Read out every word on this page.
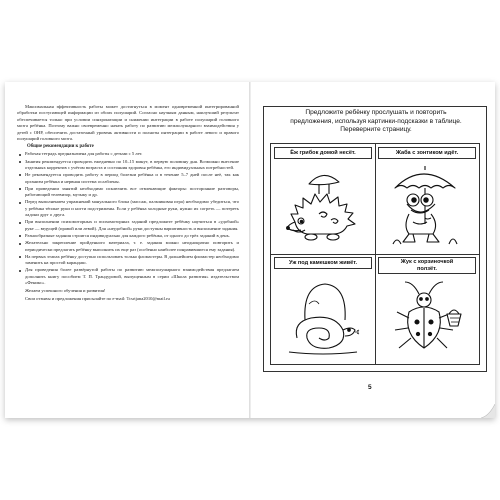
Максимальная эффективность работы может достигнуться в момент одновременной интегрированной обработки поступающей информации из обоих полушарий. Согласно научным данным, наилучший результат обеспечивается только при условии синхронизации и снижении интеграции в работе полушарий головного мозга ребёнка. Поэтому важно своевременно начать работу по развитию межполушарного взаимодействия у детей с ОНР, обеспечить достаточный уровень активности и полноты интеграции в работе левого и правого полушарий головного мозга.

Общие рекомендации к работе

Рабочая тетрадь предназначена для работы с детьми с 5 лет.
Занятия рекомендуется проводить ежедневно по 10–15 минут, в первую половину дня. Возможно внесение отдельных корректив с учётом возраста и состояния здоровья ребёнка, его индивидуальных потребностей.
Не рекомендуется проводить работу в период болезни ребёнка и в течение 5–7 дней после неё, так как организм ребёнка и нервная система ослаблены.
При проведении занятий необходимо исключить все отвлекающие факторы: посторонние разговоры, работающий телевизор, музыку и др.
Перед выполнением упражнений мануального блока (массаж, пальчиковая игра) необходимо убедиться, что у ребёнка тёплые руки и ногти подстрижены. Если у ребёнка холодные руки, нужно их согреть — потереть ладони друг о друга.
При выполнении психомоторных и психомоторных заданий предложите ребёнку научиться в «удобной» руке — ведущей (правой или левой). Для «неудобной» руки доступны вариативность и выполнение задания.
Разнообразные задания строятся индивидуально для каждого ребёнка, от одного до трёх заданий в день.
Желательно закрепление пройденного материала, т. е. задания можно неоднократно повторить и периодически предлагать ребёнку выполнить их еще раз (особенно наиболее понравившиеся ему задания).
На первых этапах ребёнку доступно использовать только фломастеры. В дальнейшем фломастер необходимо заменить на простой карандаш.
Для проведения более развёрнутой работы по развитию межполушарного взаимодействия предлагаем дополнить книгу пособием Т. П. Трандуровой, выпущенным в серии «Школа развития» издательством «Феникс».

Желаем успешного обучения и развития!

Свои отзывы и предложения присылайте по e-mail: Tcsrtjana2010@mail.ru

Предложите ребёнку прослушать и повторить
предложения, используя картинки-подсказки в таблице.
Переверните страницу.
Ёж грибок домой несёт.	Жаба с зонтиком идёт.
Уж под камешком живёт.	Жук с корзиночкой
ползёт.
5
